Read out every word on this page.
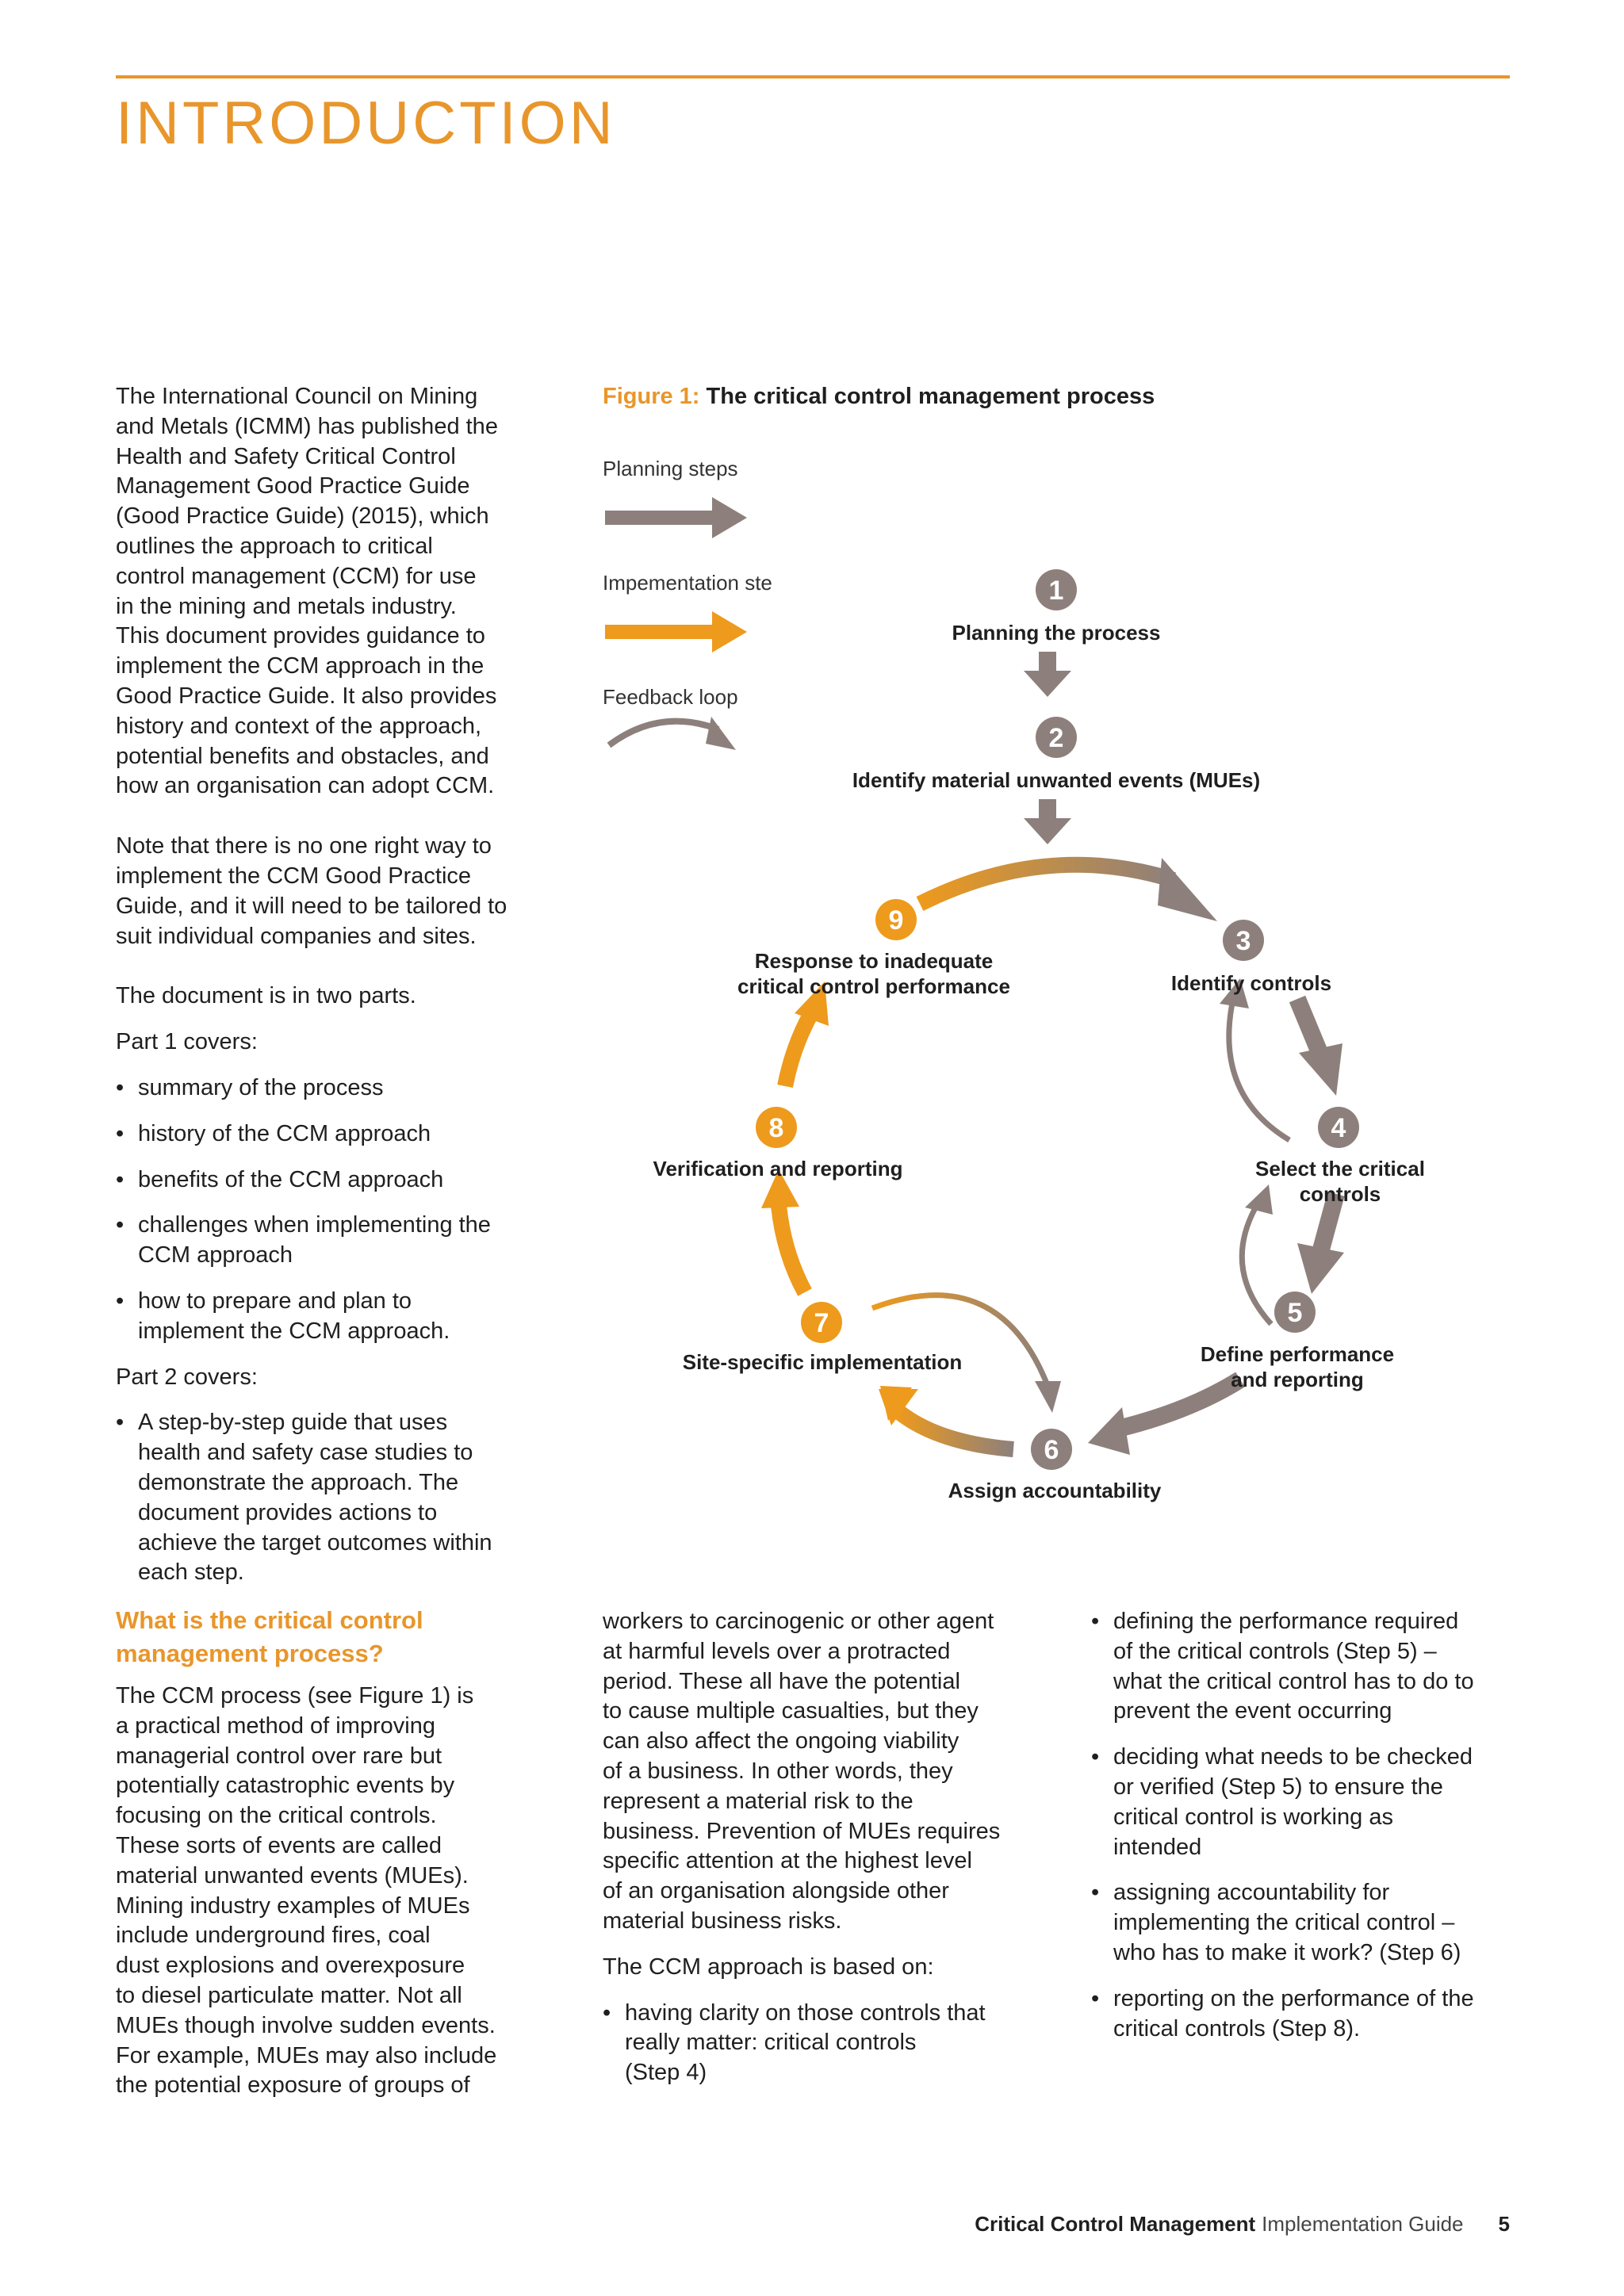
INTRODUCTION

The International Council on Mining
and Metals (ICMM) has published the
Health and Safety Critical Control
Management Good Practice Guide
(Good Practice Guide) (2015), which
outlines the approach to critical
control management (CCM) for use
in the mining and metals industry.
This document provides guidance to
implement the CCM approach in the
Good Practice Guide. It also provides
history and context of the approach,
potential benefits and obstacles, and
how an organisation can adopt CCM.

Note that there is no one right way to
implement the CCM Good Practice
Guide, and it will need to be tailored to
suit individual companies and sites.

The document is in two parts.

Part 1 covers:

• summary of the process
• history of the CCM approach
• benefits of the CCM approach
• challenges when implementing the
CCM approach
• how to prepare and plan to
implement the CCM approach.

Part 2 covers:

• A step-by-step guide that uses
health and safety case studies to
demonstrate the approach. The
document provides actions to
achieve the target outcomes within
each step.
What is the critical control
management process?

The CCM process (see Figure 1) is
a practical method of improving
managerial control over rare but
potentially catastrophic events by
focusing on the critical controls.
These sorts of events are called
material unwanted events (MUEs).
Mining industry examples of MUEs
include underground fires, coal
dust explosions and overexposure
to diesel particulate matter. Not all
MUEs though involve sudden events.
For example, MUEs may also include
the potential exposure of groups of

workers to carcinogenic or other agent
at harmful levels over a protracted
period. These all have the potential
to cause multiple casualties, but they
can also affect the ongoing viability
of a business. In other words, they
represent a material risk to the
business. Prevention of MUEs requires
specific attention at the highest level
of an organisation alongside other
material business risks.

The CCM approach is based on:

• having clarity on those controls that
really matter: critical controls
(Step 4)
• defining the performance required
of the critical controls (Step 5) –
what the critical control has to do to
prevent the event occurring
• deciding what needs to be checked
or verified (Step 5) to ensure the
critical control is working as
intended
• assigning accountability for
implementing the critical control –
who has to make it work? (Step 6)
• reporting on the performance of the
critical controls (Step 8).
Figure 1: The critical control management process
1
2
3
4
5
6
7
8
9
Planning steps
Impementation ste
Feedback loop
Planning the process
Identify material unwanted events (MUEs)
Identify controls
Select the critical controls
Define performance and reporting
Assign accountability
Site-specific implementation
Verification and reporting
Response to inadequate
critical control performance
Critical Control Management Implementation Guide 5
